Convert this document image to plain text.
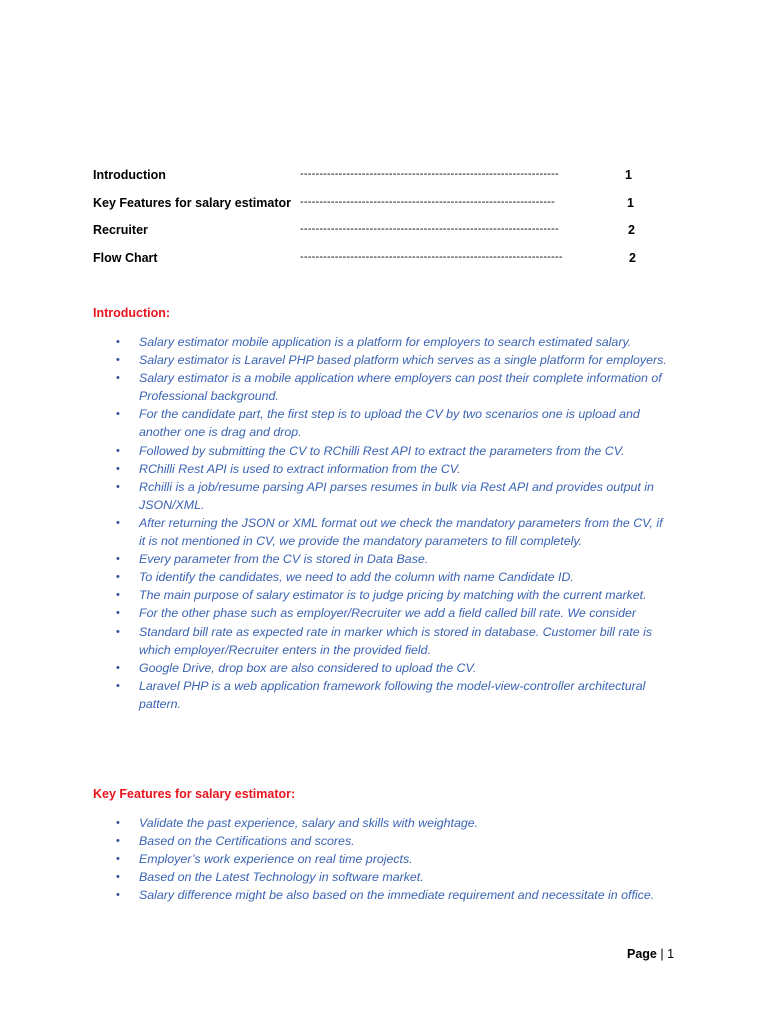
Introduction	-------------------------------------------------------------------	1
Key Features for salary estimator ------------------------------------------------------------------	1
Recruiter	-------------------------------------------------------------------	2
Flow Chart	--------------------------------------------------------------------	2
Introduction:
• Salary estimator mobile application is a platform for employers to search estimated salary.
• Salary estimator is Laravel PHP based platform which serves as a single platform for employers.
• Salary estimator is a mobile application where employers can post their complete information of Professional background.
• For the candidate part, the first step is to upload the CV by two scenarios one is upload and another one is drag and drop.
• Followed by submitting the CV to RChilli Rest API to extract the parameters from the CV.
• RChilli Rest API is used to extract information from the CV.
• Rchilli is a job/resume parsing API parses resumes in bulk via Rest API and provides output in JSON/XML.
• After returning the JSON or XML format out we check the mandatory parameters from the CV, if it is not mentioned in CV, we provide the mandatory parameters to fill completely.
• Every parameter from the CV is stored in Data Base.
• To identify the candidates, we need to add the column with name Candidate ID.
• The main purpose of salary estimator is to judge pricing by matching with the current market.
• For the other phase such as employer/Recruiter we add a field called bill rate. We consider
• Standard bill rate as expected rate in marker which is stored in database. Customer bill rate is which employer/Recruiter enters in the provided field.
• Google Drive, drop box are also considered to upload the CV.
• Laravel PHP is a web application framework following the model-view-controller architectural pattern.
Key Features for salary estimator:
• Validate the past experience, salary and skills with weightage.
• Based on the Certifications and scores.
• Employer’s work experience on real time projects.
• Based on the Latest Technology in software market.
• Salary difference might be also based on the immediate requirement and necessitate in office.
Page | 1
